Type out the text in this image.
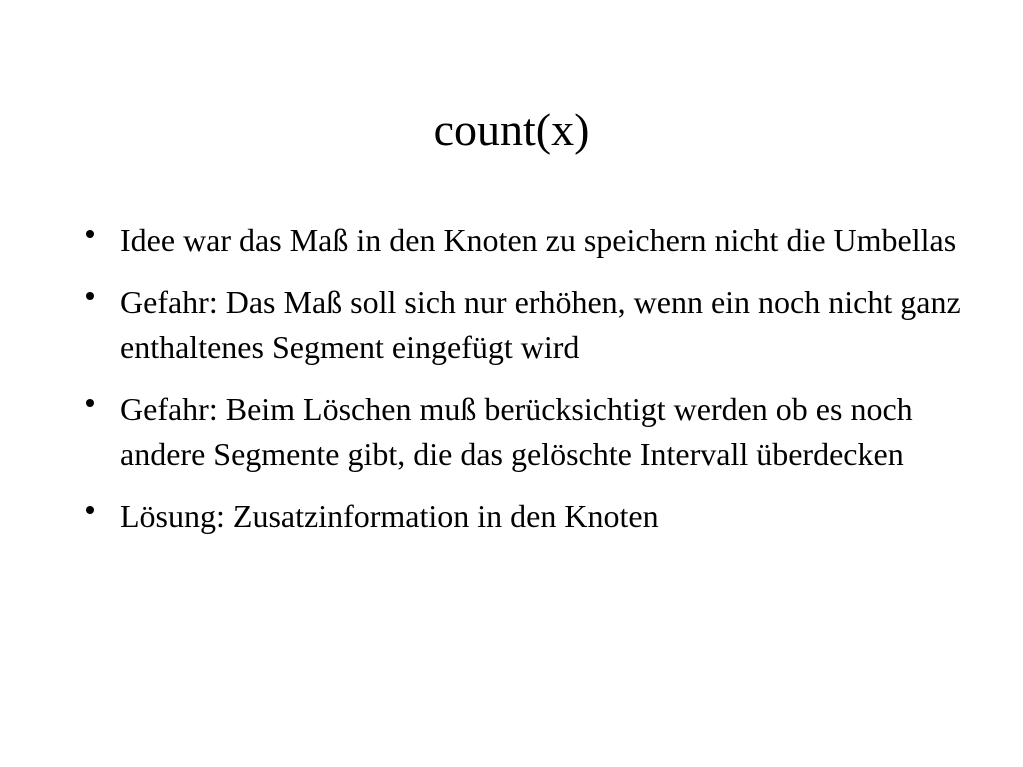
count(x)
Idee war das Maß in den Knoten zu speichern nicht die Umbellas
Gefahr: Das Maß soll sich nur erhöhen, wenn ein noch nicht ganz enthaltenes Segment eingefügt wird
Gefahr: Beim Löschen muß berücksichtigt werden ob es noch andere Segmente gibt, die das gelöschte Intervall überdecken
Lösung: Zusatzinformation in den Knoten
